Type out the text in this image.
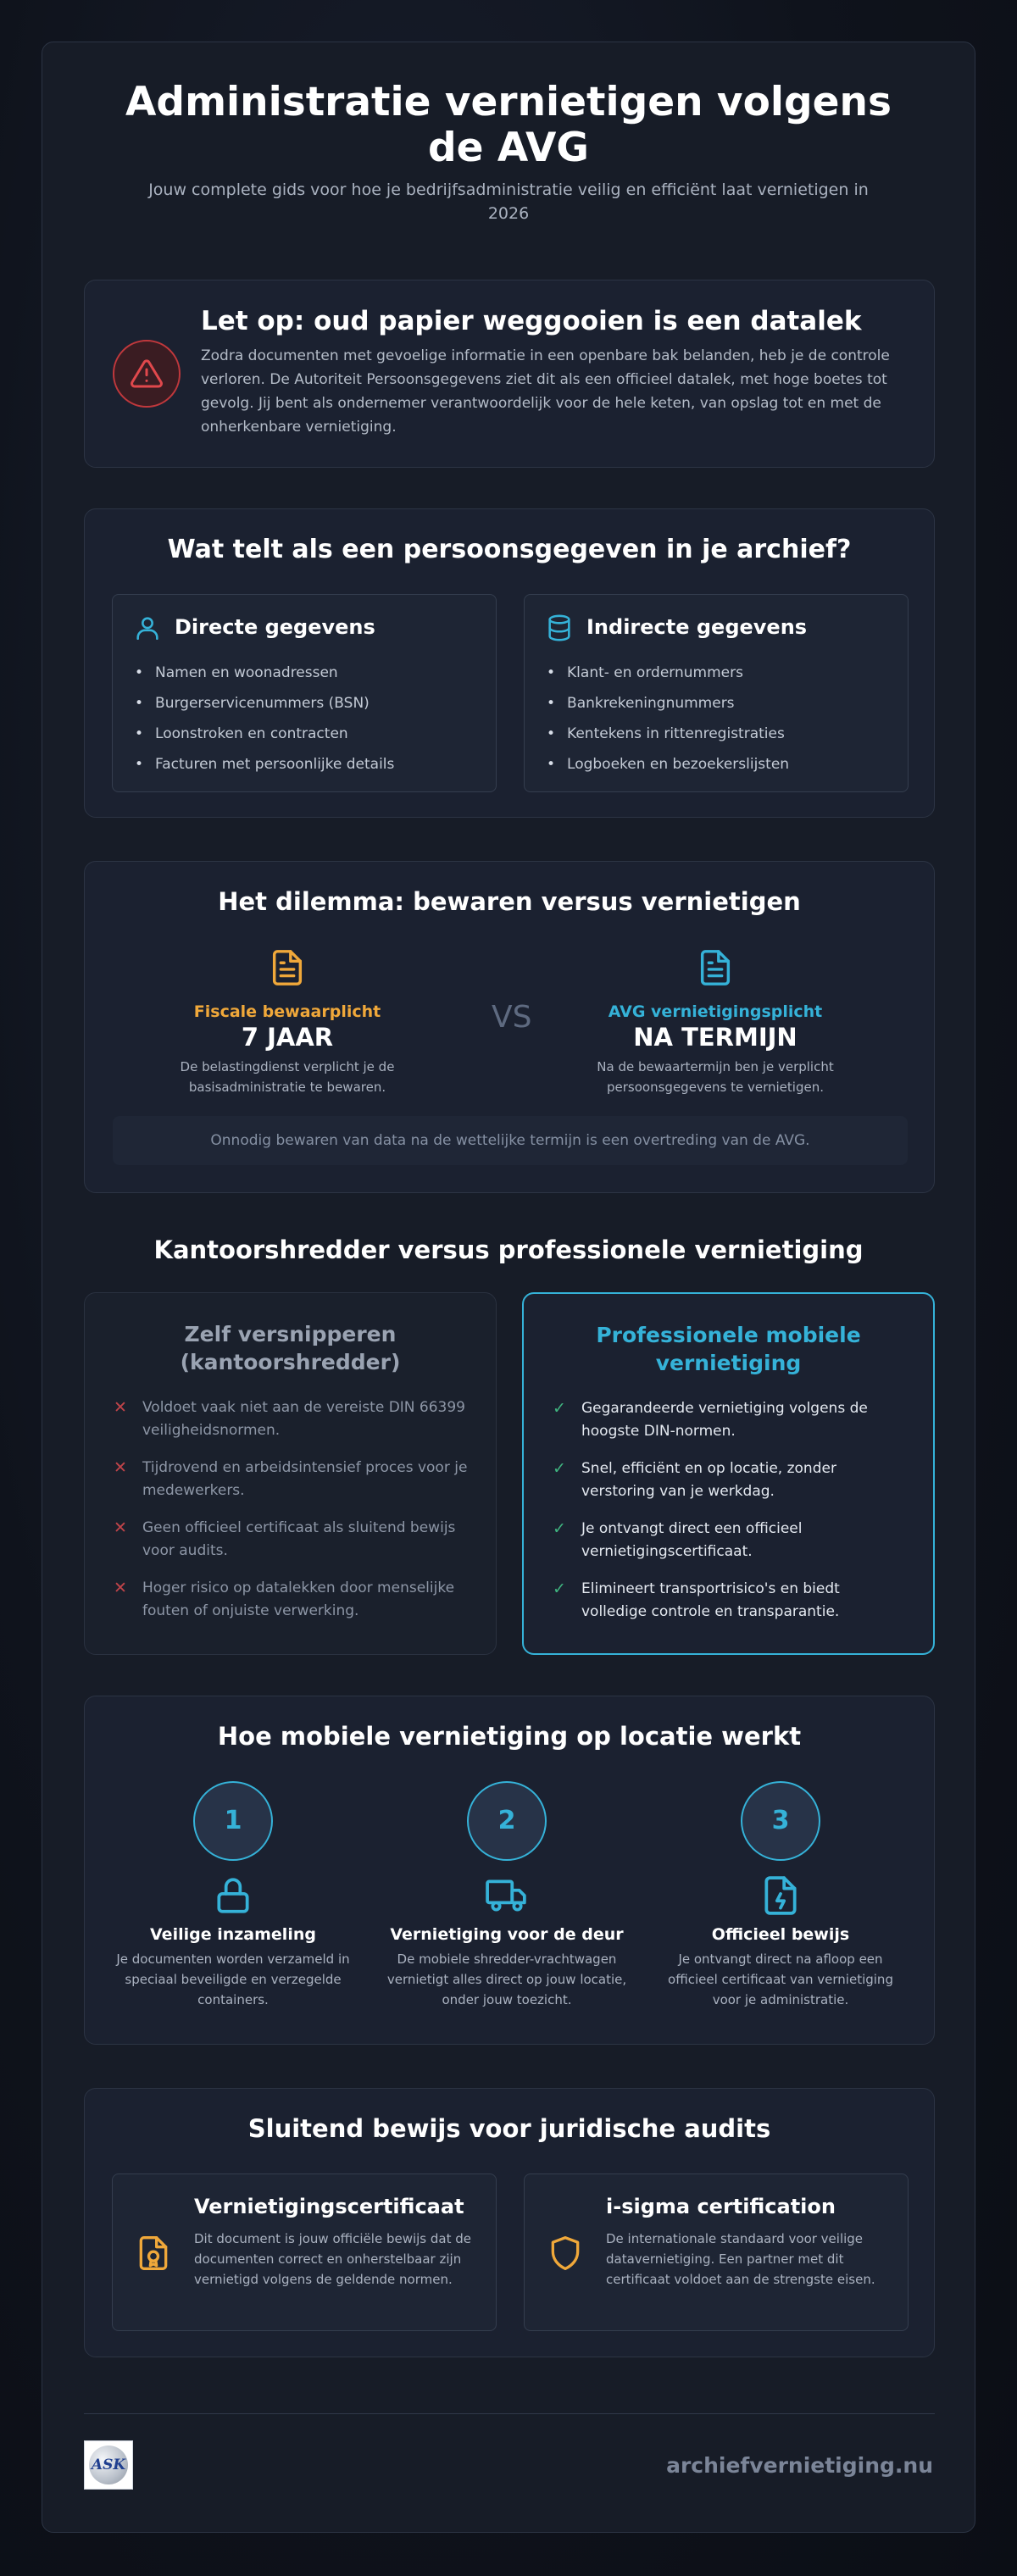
Administratie vernietigen volgens de AVG
Jouw complete gids voor hoe je bedrijfsadministratie veilig en efficiënt laat vernietigen in 2026
Let op: oud papier weggooien is een datalek
Zodra documenten met gevoelige informatie in een openbare bak belanden, heb je de controle verloren. De Autoriteit Persoonsgegevens ziet dit als een officieel datalek, met hoge boetes tot gevolg. Jij bent als ondernemer verantwoordelijk voor de hele keten, van opslag tot en met de onherkenbare vernietiging.
Wat telt als een persoonsgegeven in je archief?
Directe gegevens
• Namen en woonadressen
• Burgerservicenummers (BSN)
• Loonstroken en contracten
• Facturen met persoonlijke details
Indirecte gegevens
• Klant- en ordernummers
• Bankrekeningnummers
• Kentekens in rittenregistraties
• Logboeken en bezoekerslijsten
Het dilemma: bewaren versus vernietigen
Fiscale bewaarplicht
7 JAAR
De belastingdienst verplicht je de basisadministratie te bewaren.
VS	AVG vernietigingsplicht
NA TERMIJN
Na de bewaartermijn ben je verplicht persoonsgegevens te vernietigen.
Onnodig bewaren van data na de wettelijke termijn is een overtreding van de AVG.
Kantoorshredder versus professionele vernietiging
Zelf versnipperen (kantoorshredder)
✕ Voldoet vaak niet aan de vereiste DIN 66399 veiligheidsnormen.
✕ Tijdrovend en arbeidsintensief proces voor je medewerkers.
✕ Geen officieel certificaat als sluitend bewijs voor audits.
✕ Hoger risico op datalekken door menselijke fouten of onjuiste verwerking.
Professionele mobiele vernietiging
✓ Gegarandeerde vernietiging volgens de hoogste DIN-normen.
✓ Snel, efficiënt en op locatie, zonder verstoring van je werkdag.
✓ Je ontvangt direct een officieel vernietigingscertificaat.
✓ Elimineert transportrisico's en biedt volledige controle en transparantie.
Hoe mobiele vernietiging op locatie werkt
1
Veilige inzameling
Je documenten worden verzameld in speciaal beveiligde en verzegelde containers.
2
Vernietiging voor de deur
De mobiele shredder-vrachtwagen vernietigt alles direct op jouw locatie, onder jouw toezicht.
3
Officieel bewijs
Je ontvangt direct na afloop een officieel certificaat van vernietiging voor je administratie.
Sluitend bewijs voor juridische audits
Vernietigingscertificaat
Dit document is jouw officiële bewijs dat de documenten correct en onherstelbaar zijn vernietigd volgens de geldende normen.
i-sigma certification
De internationale standaard voor veilige datavernietiging. Een partner met dit certificaat voldoet aan de strengste eisen.
ASK	archiefvernietiging.nu
